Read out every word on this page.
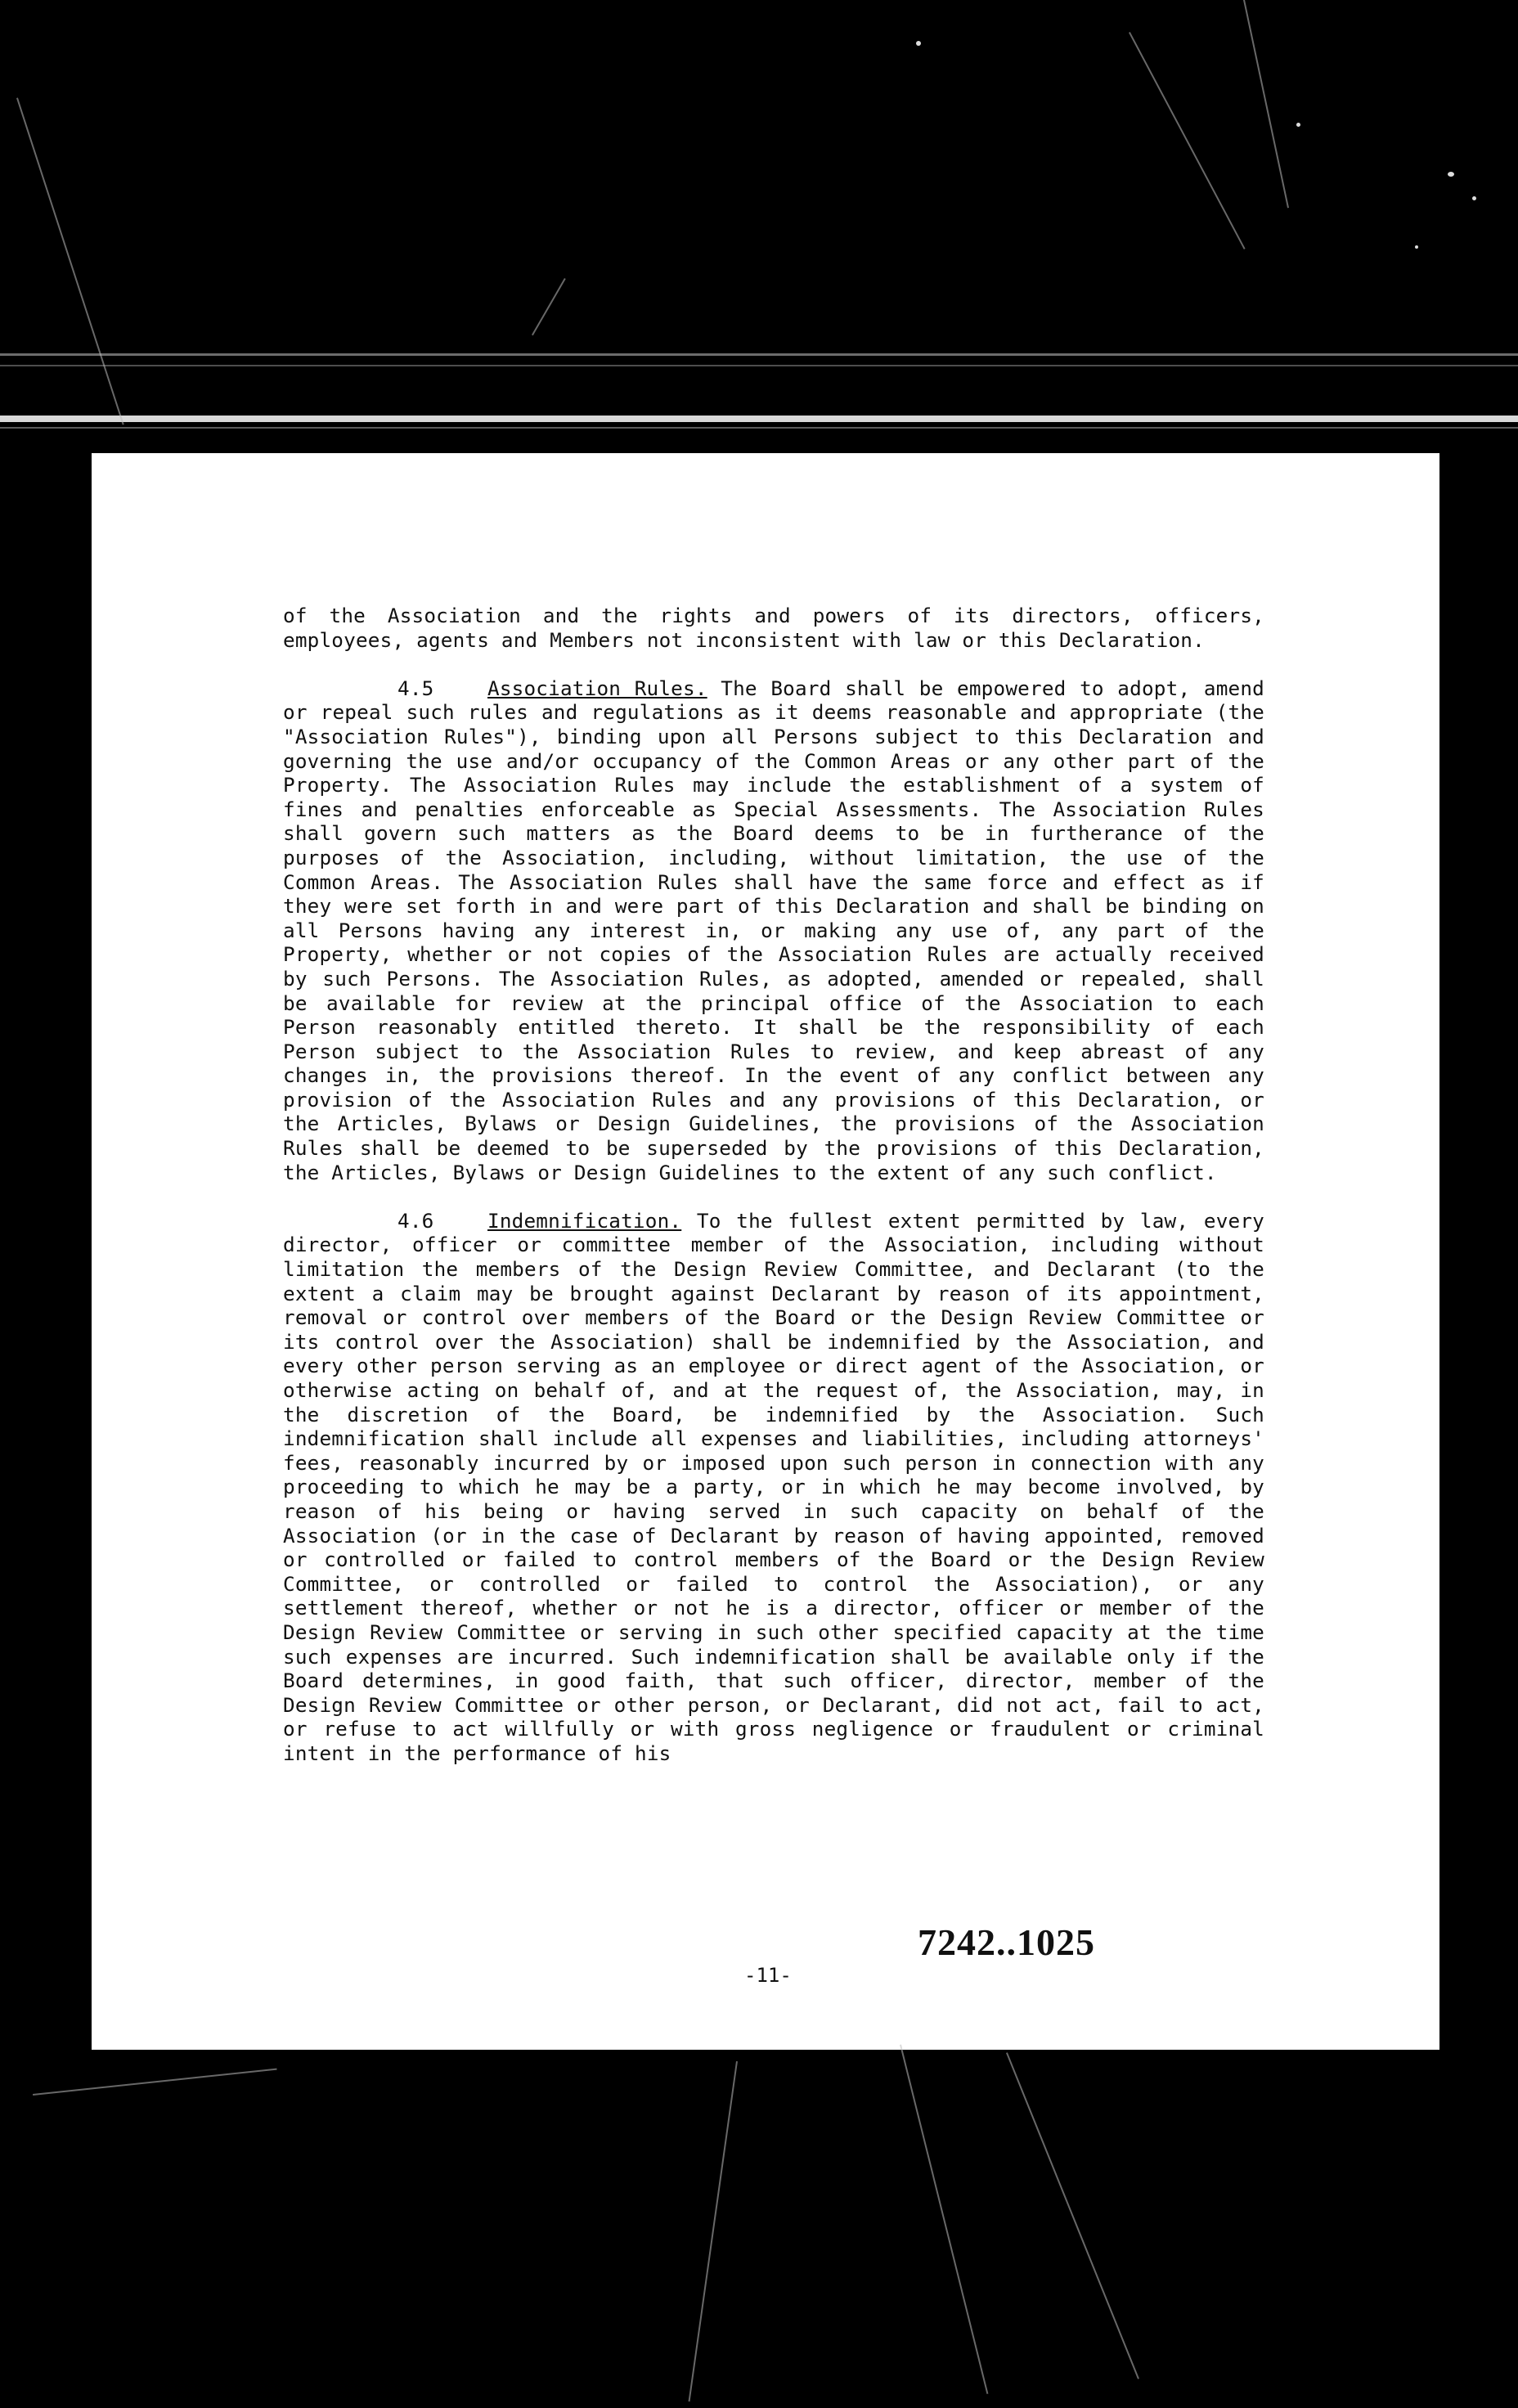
of the Association and the rights and powers of its directors, officers, employees, agents and Members not inconsistent with law or this Declaration.

4.5	Association Rules. The Board shall be empowered to adopt, amend or repeal such rules and regulations as it deems reasonable and appropriate (the "Association Rules"), binding upon all Persons subject to this Declaration and governing the use and/or occupancy of the Common Areas or any other part of the Property. The Association Rules may include the establishment of a system of fines and penalties enforceable as Special Assessments. The Association Rules shall govern such matters as the Board deems to be in furtherance of the purposes of the Association, including, without limitation, the use of the Common Areas. The Association Rules shall have the same force and effect as if they were set forth in and were part of this Declaration and shall be binding on all Persons having any interest in, or making any use of, any part of the Property, whether or not copies of the Association Rules are actually received by such Persons. The Association Rules, as adopted, amended or repealed, shall be available for review at the principal office of the Association to each Person reasonably entitled thereto. It shall be the responsibility of each Person subject to the Association Rules to review, and keep abreast of any changes in, the provisions thereof. In the event of any conflict between any provision of the Association Rules and any provisions of this Declaration, or the Articles, Bylaws or Design Guidelines, the provisions of the Association Rules shall be deemed to be superseded by the provisions of this Declaration, the Articles, Bylaws or Design Guidelines to the extent of any such conflict.

4.6	Indemnification. To the fullest extent permitted by law, every director, officer or committee member of the Association, including without limitation the members of the Design Review Committee, and Declarant (to the extent a claim may be brought against Declarant by reason of its appointment, removal or control over members of the Board or the Design Review Committee or its control over the Association) shall be indemnified by the Association, and every other person serving as an employee or direct agent of the Association, or otherwise acting on behalf of, and at the request of, the Association, may, in the discretion of the Board, be indemnified by the Association. Such indemnification shall include all expenses and liabilities, including attorneys' fees, reasonably incurred by or imposed upon such person in connection with any proceeding to which he may be a party, or in which he may become involved, by reason of his being or having served in such capacity on behalf of the Association (or in the case of Declarant by reason of having appointed, removed or controlled or failed to control members of the Board or the Design Review Committee, or controlled or failed to control the Association), or any settlement thereof, whether or not he is a director, officer or member of the Design Review Committee or serving in such other specified capacity at the time such expenses are incurred. Such indemnification shall be available only if the Board determines, in good faith, that such officer, director, member of the Design Review Committee or other person, or Declarant, did not act, fail to act, or refuse to act willfully or with gross negligence or fraudulent or criminal intent in the performance of his

7242..1025
-11-
